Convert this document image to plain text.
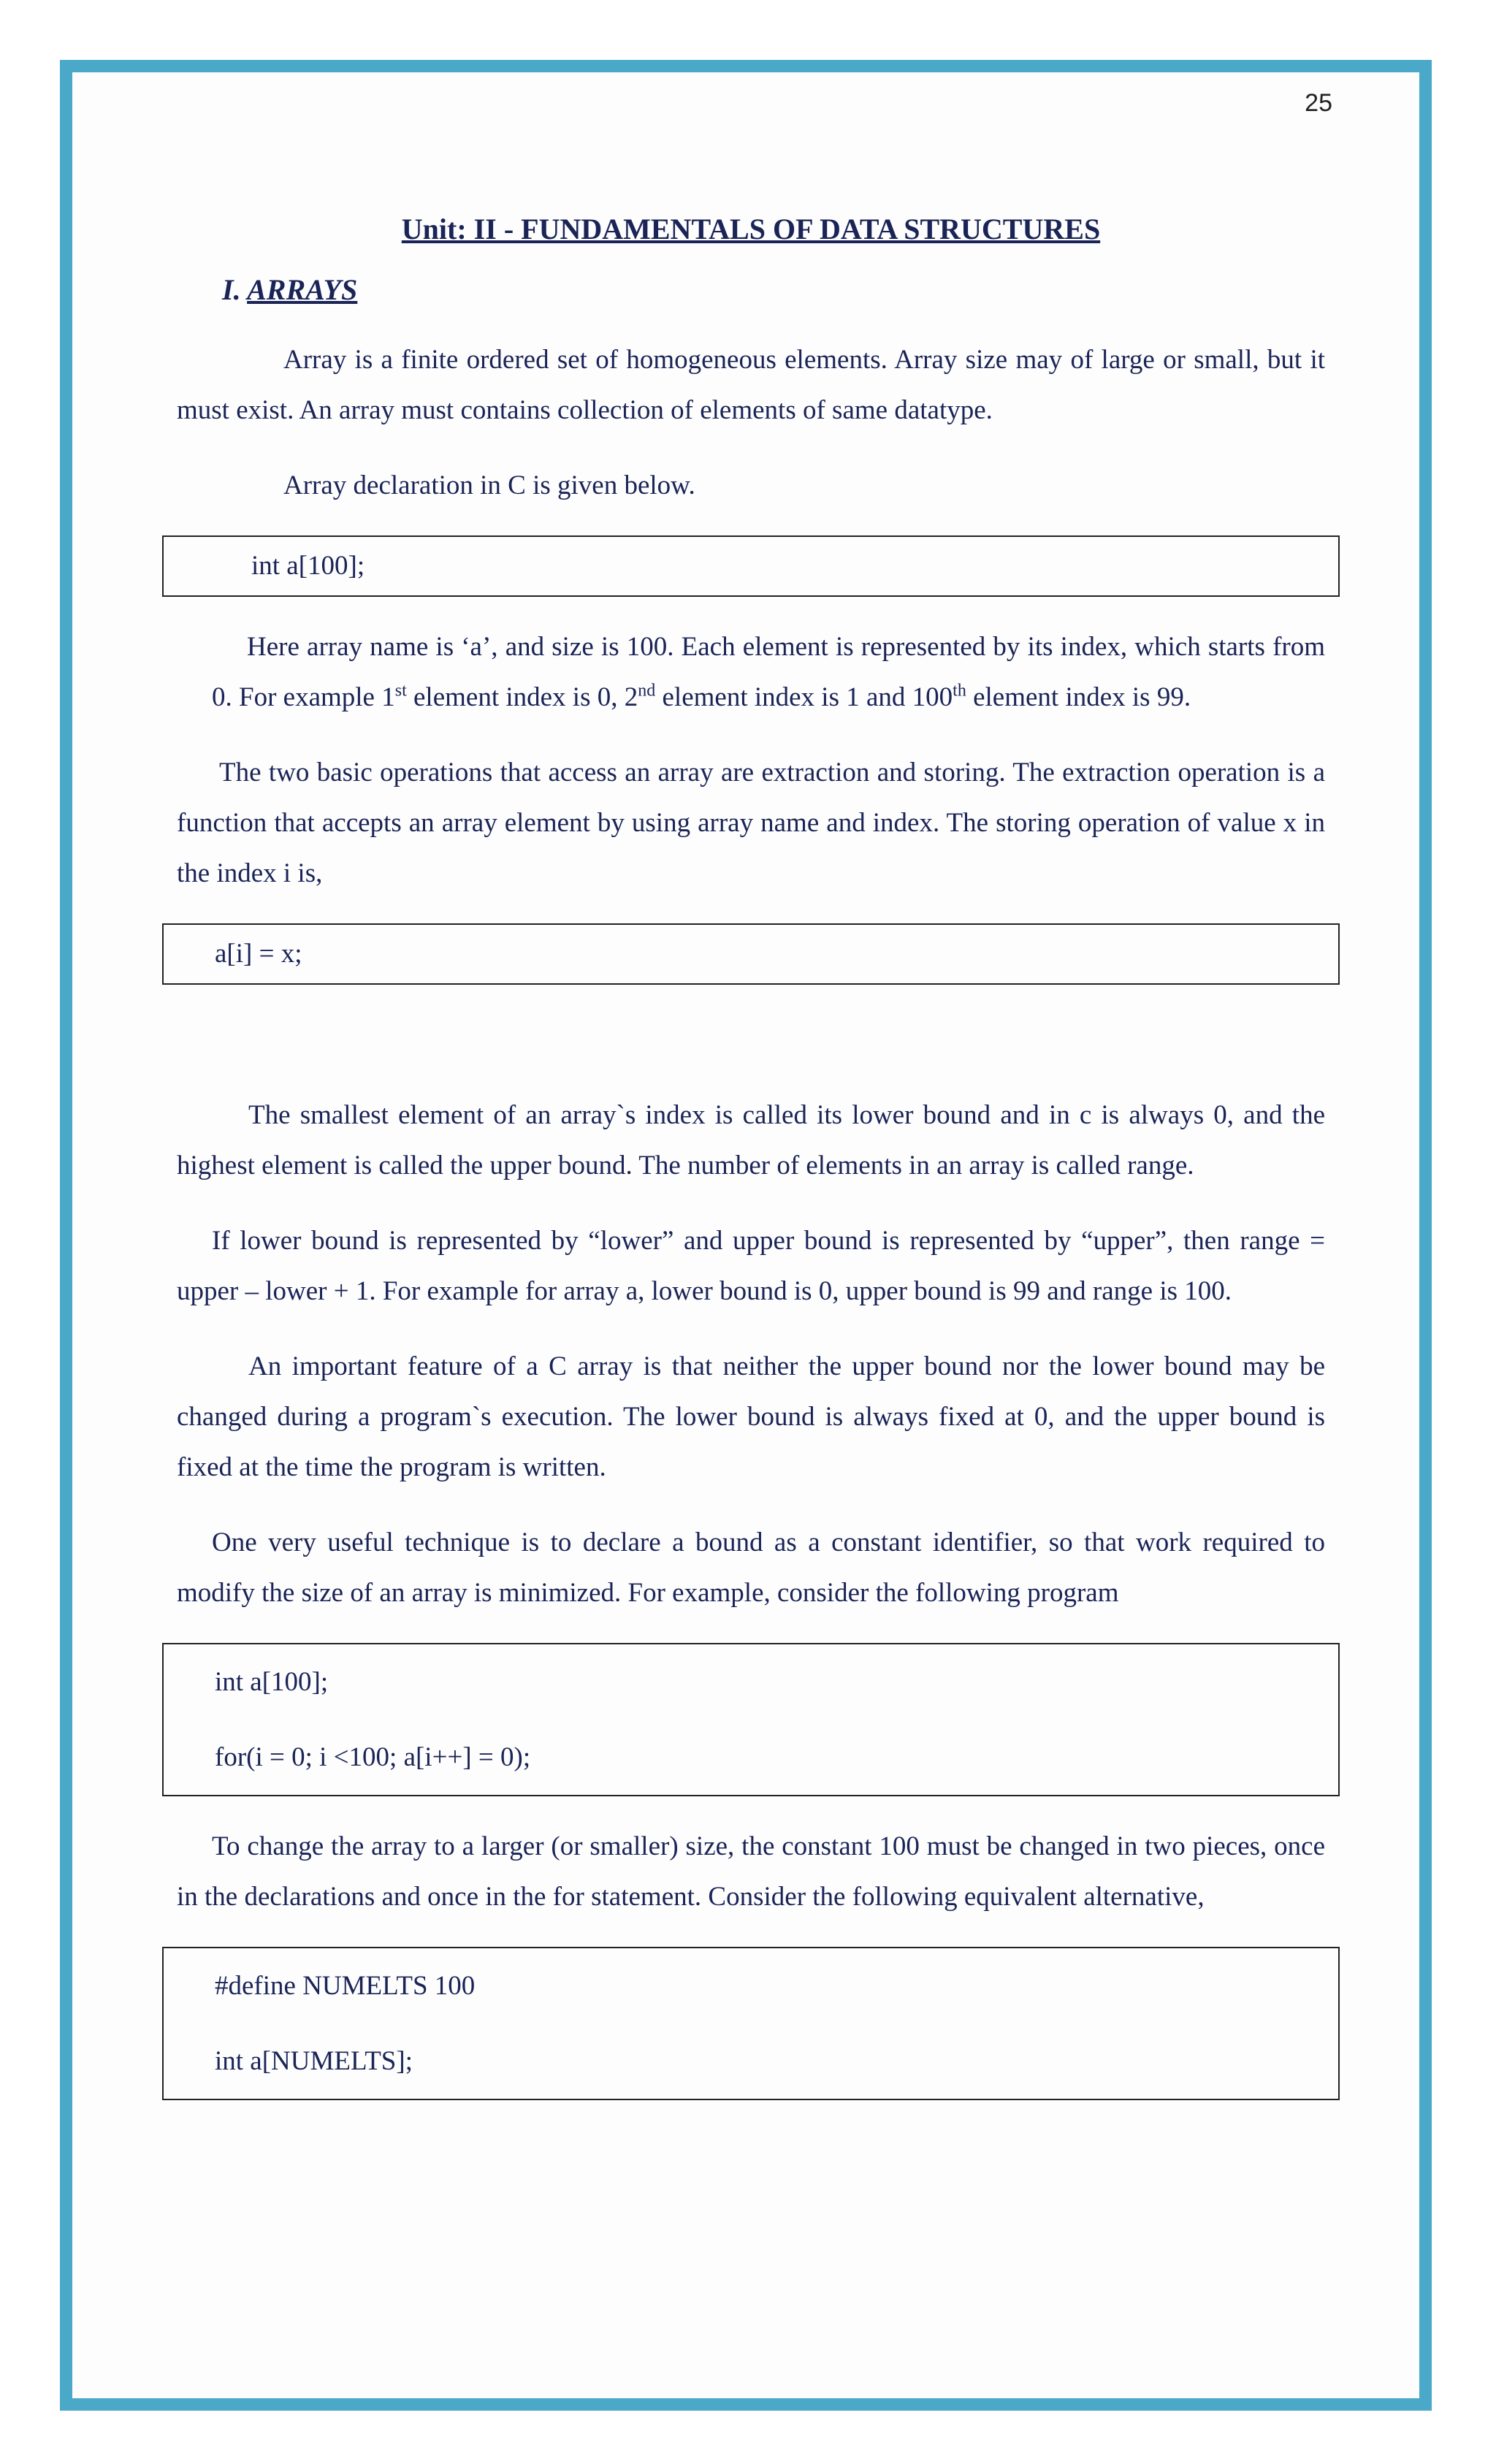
25
Unit: II - FUNDAMENTALS OF DATA STRUCTURES
I. ARRAYS

Array is a finite ordered set of homogeneous elements. Array size may of large or small, but it must exist. An array must contains collection of elements of same datatype.

Array declaration in C is given below.

int a[100];

Here array name is ‘a’, and size is 100. Each element is represented by its index, which starts from 0. For example 1st element index is 0, 2nd element index is 1 and 100th element index is 99.

The two basic operations that access an array are extraction and storing. The extraction operation is a function that accepts an array element by using array name and index. The storing operation of value x in the index i is,

a[i] = x;

The smallest element of an array`s index is called its lower bound and in c is always 0, and the highest element is called the upper bound. The number of elements in an array is called range.

If lower bound is represented by “lower” and upper bound is represented by “upper”, then range = upper – lower + 1. For example for array a, lower bound is 0, upper bound is 99 and range is 100.

An important feature of a C array is that neither the upper bound nor the lower bound may be changed during a program`s execution. The lower bound is always fixed at 0, and the upper bound is fixed at the time the program is written.

One very useful technique is to declare a bound as a constant identifier, so that work required to modify the size of an array is minimized. For example, consider the following program

int a[100];
for(i = 0; i <100; a[i++] = 0);

To change the array to a larger (or smaller) size, the constant 100 must be changed in two pieces, once in the declarations and once in the for statement. Consider the following equivalent alternative,

#define NUMELTS 100
int a[NUMELTS];
